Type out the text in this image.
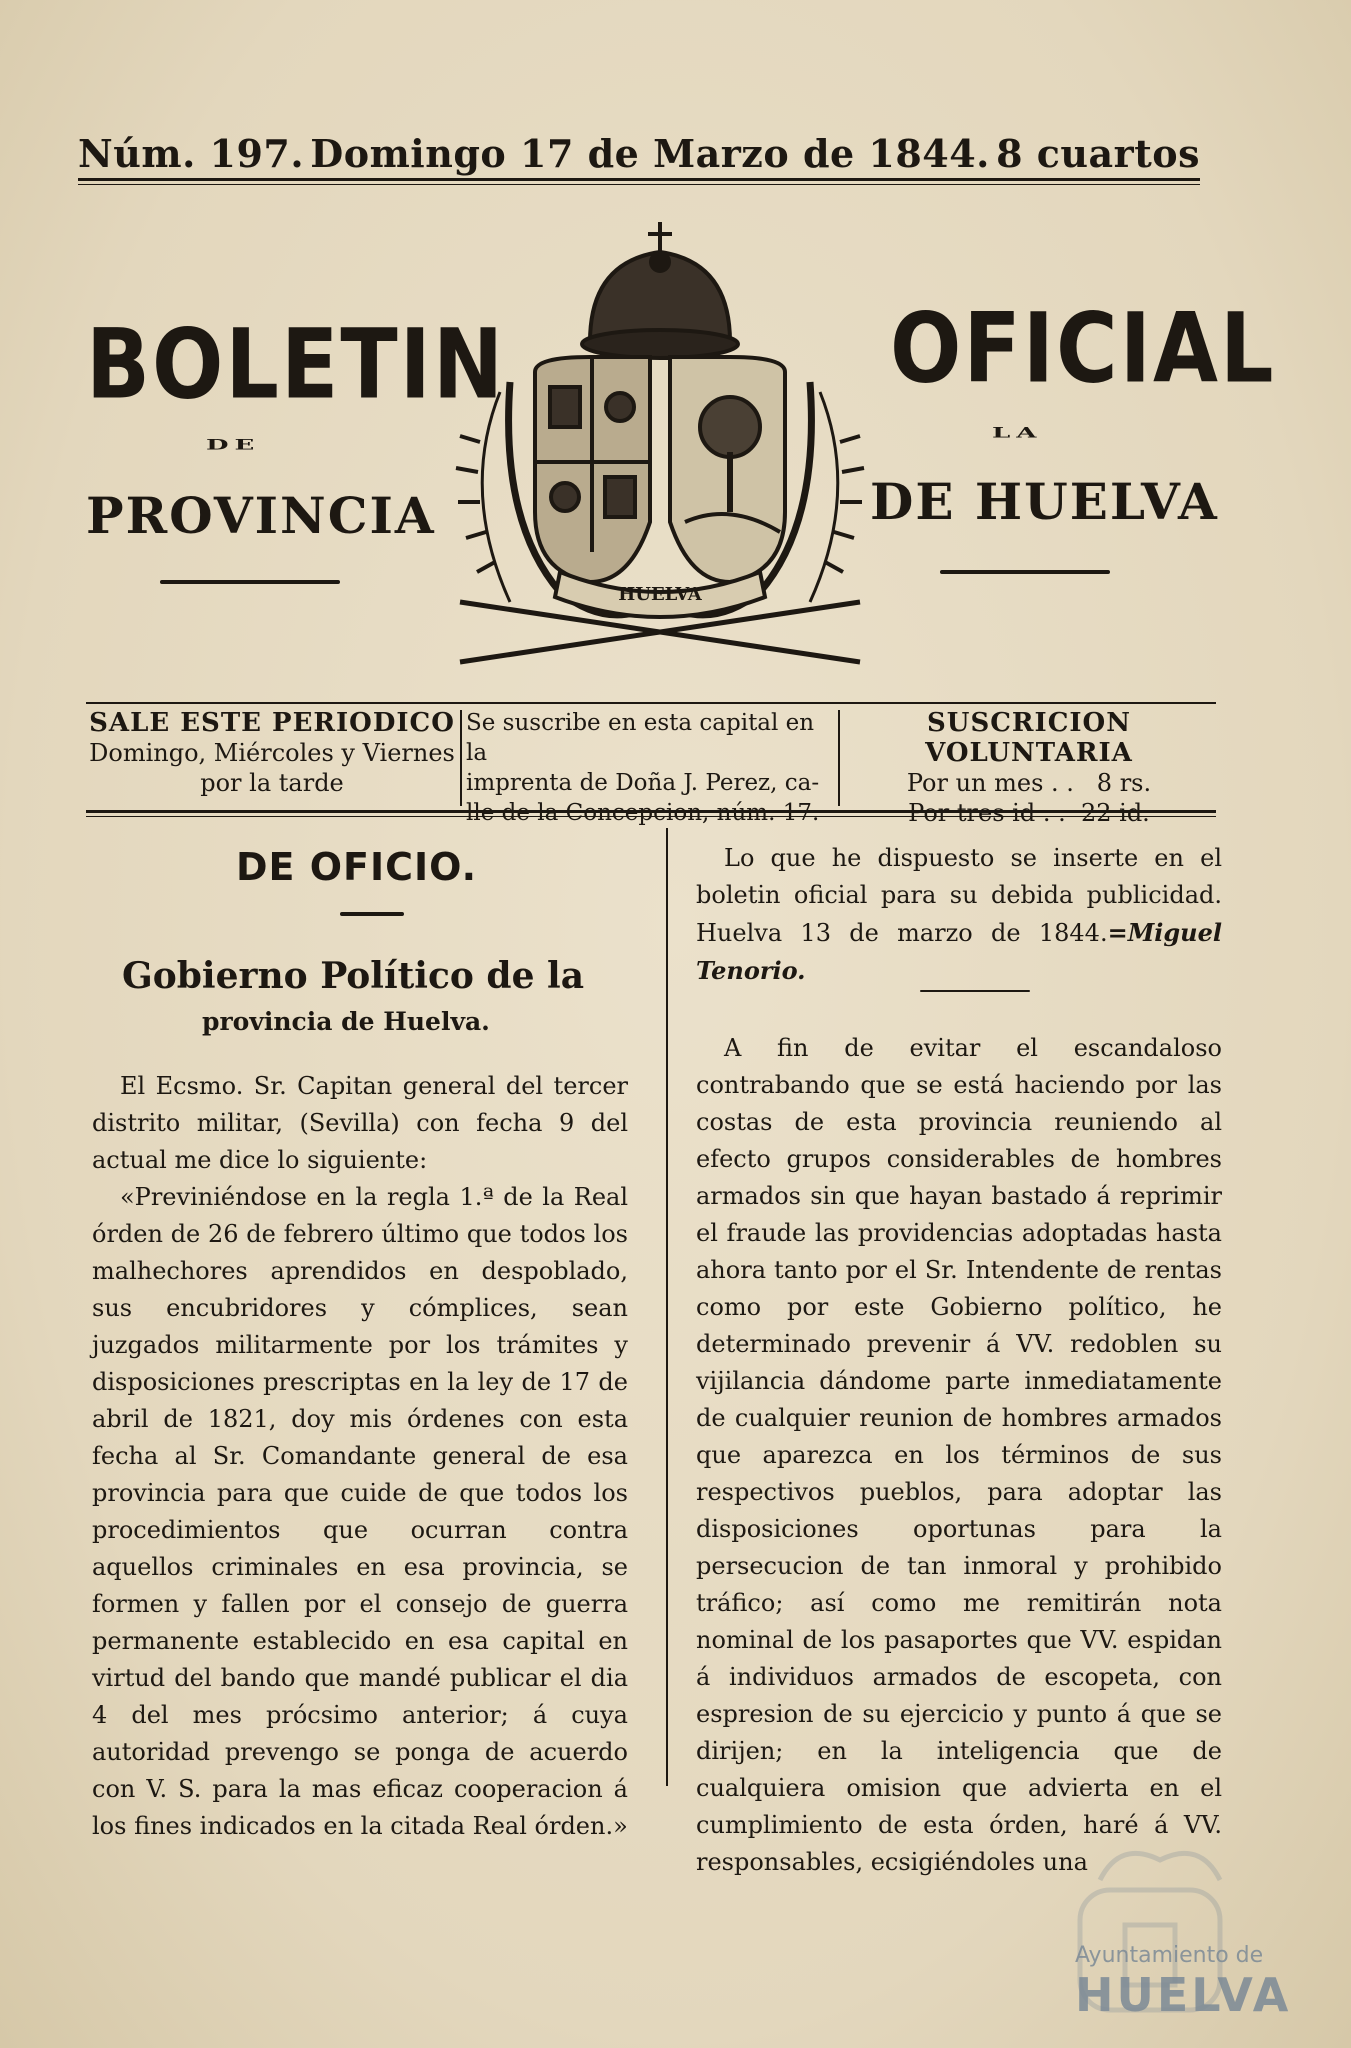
Núm. 197. Domingo 17 de Marzo de 1844. 8 cuartos
BOLETIN	OFICIAL
DE
LA
PROVINCIA	DE HUELVA
HUELVA
SALE ESTE PERIODICO
Domingo, Miércoles y Viernes
por la tarde
Se suscribe en esta capital en la
imprenta de Doña J. Perez, ca-
lle de la Concepcion, núm. 17.
SUSCRICION VOLUNTARIA
Por un mes . .   8 rs.
Por tres id . .  22 id.
DE OFICIO.
Gobierno Político de la
provincia de Huelva.

El Ecsmo. Sr. Capitan general del tercer distrito militar, (Sevilla) con fecha 9 del actual me dice lo siguiente:

«Previniéndose en la regla 1.ª de la Real órden de 26 de febrero último que todos los malhechores aprendidos en despoblado, sus encubridores y cómplices, sean juzgados militarmente por los trámites y disposiciones prescriptas en la ley de 17 de abril de 1821, doy mis órdenes con esta fecha al Sr. Comandante general de esa provincia para que cuide de que todos los procedimientos que ocurran contra aquellos criminales en esa provincia, se formen y fallen por el consejo de guerra permanente establecido en esa capital en virtud del bando que mandé publicar el dia 4 del mes prócsimo anterior; á cuya autoridad prevengo se ponga de acuerdo con V. S. para la mas eficaz cooperacion á los fines indicados en la citada Real órden.»

Lo que he dispuesto se inserte en el boletin oficial para su debida publicidad. Huelva 13 de marzo de 1844.=Miguel Tenorio.

A fin de evitar el escandaloso contrabando que se está haciendo por las costas de esta provincia reuniendo al efecto grupos considerables de hombres armados sin que hayan bastado á reprimir el fraude las providencias adoptadas hasta ahora tanto por el Sr. Intendente de rentas como por este Gobierno político, he determinado prevenir á VV. redoblen su vijilancia dándome parte inmediatamente de cualquier reunion de hombres armados que aparezca en los términos de sus respectivos pueblos, para adoptar las disposiciones oportunas para la persecucion de tan inmoral y prohibido tráfico; así como me remitirán nota nominal de los pasaportes que VV. espidan á individuos armados de escopeta, con espresion de su ejercicio y punto á que se dirijen; en la inteligencia que de cualquiera omision que advierta en el cumplimiento de esta órden, haré á VV. responsables, ecsigiéndoles una

Ayuntamiento de
HUELVA
